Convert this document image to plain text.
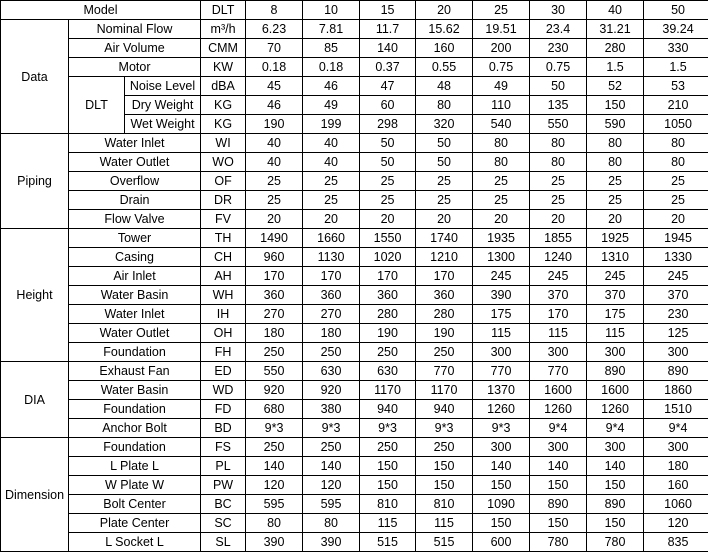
Model			DLT	8	10	15	20	25	30	40	50
Data	Nominal Flow		m³/h	6.23	7.81	11.7	15.62	19.51	23.4	31.21	39.24
	Air Volume		CMM	70	85	140	160	200	230	280	330
	Motor		KW	0.18	0.18	0.37	0.55	0.75	0.75	1.5	1.5
	DLT	Noise Level	dBA	45	46	47	48	49	50	52	53
		Dry Weight	KG	46	49	60	80	110	135	150	210
		Wet Weight	KG	190	199	298	320	540	550	590	1050
Piping	Water Inlet		WI	40	40	50	50	80	80	80	80
	Water Outlet		WO	40	40	50	50	80	80	80	80
	Overflow		OF	25	25	25	25	25	25	25	25
	Drain		DR	25	25	25	25	25	25	25	25
	Flow Valve		FV	20	20	20	20	20	20	20	20
Height	Tower		TH	1490	1660	1550	1740	1935	1855	1925	1945
	Casing		CH	960	1130	1020	1210	1300	1240	1310	1330
	Air Inlet		AH	170	170	170	170	245	245	245	245
	Water Basin		WH	360	360	360	360	390	370	370	370
	Water Inlet		IH	270	270	280	280	175	170	175	230
	Water Outlet		OH	180	180	190	190	115	115	115	125
	Foundation		FH	250	250	250	250	300	300	300	300
DIA	Exhaust Fan		ED	550	630	630	770	770	770	890	890
	Water Basin		WD	920	920	1170	1170	1370	1600	1600	1860
	Foundation		FD	680	380	940	940	1260	1260	1260	1510
	Anchor Bolt		BD	9*3	9*3	9*3	9*3	9*3	9*4	9*4	9*4
Dimension	Foundation		FS	250	250	250	250	300	300	300	300
	L Plate L		PL	140	140	150	150	140	140	140	180
	W Plate W		PW	120	120	150	150	150	150	150	160
	Bolt Center		BC	595	595	810	810	1090	890	890	1060
	Plate Center		SC	80	80	115	115	150	150	150	120
	L Socket L		SL	390	390	515	515	600	780	780	835
